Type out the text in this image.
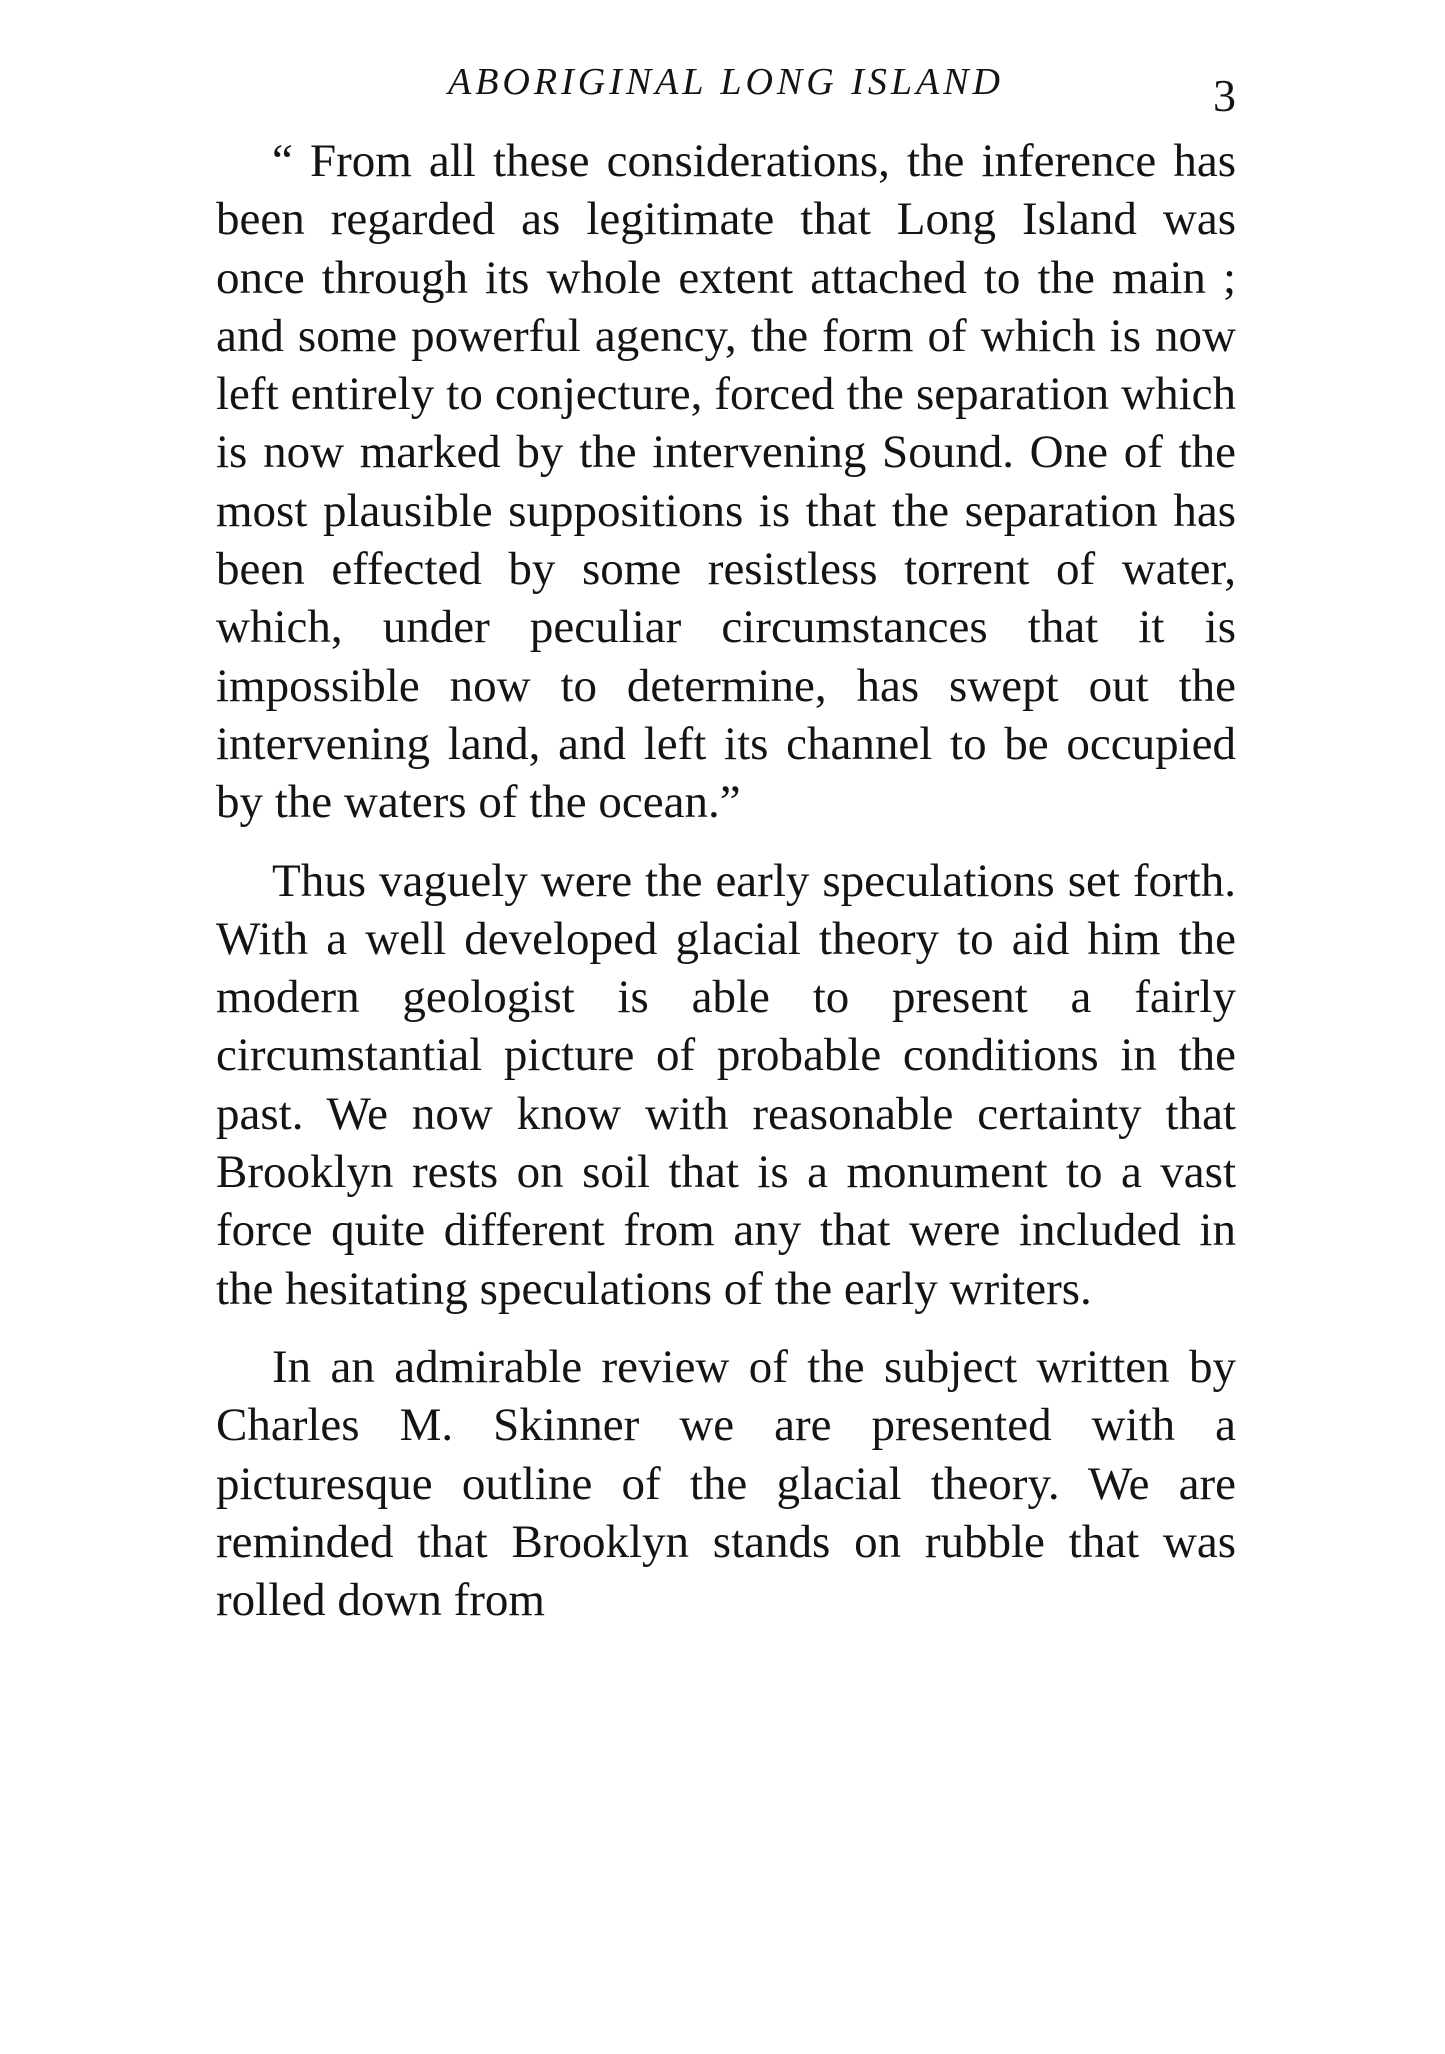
ABORIGINAL LONG ISLAND	3

“ From all these considerations, the inference has been regarded as legitimate that Long Island was once through its whole extent attached to the main ; and some powerful agency, the form of which is now left entirely to conjecture, forced the separation which is now marked by the intervening Sound. One of the most plausible suppositions is that the separation has been effected by some resistless torrent of water, which, under peculiar circumstances that it is impossible now to determine, has swept out the intervening land, and left its channel to be occupied by the waters of the ocean.”

Thus vaguely were the early speculations set forth. With a well developed glacial theory to aid him the modern geologist is able to present a fairly circumstantial picture of probable conditions in the past. We now know with reasonable certainty that Brooklyn rests on soil that is a monument to a vast force quite different from any that were included in the hesitating speculations of the early writers.

In an admirable review of the subject written by Charles M. Skinner we are presented with a picturesque outline of the glacial theory. We are reminded that Brooklyn stands on rubble that was rolled down from
